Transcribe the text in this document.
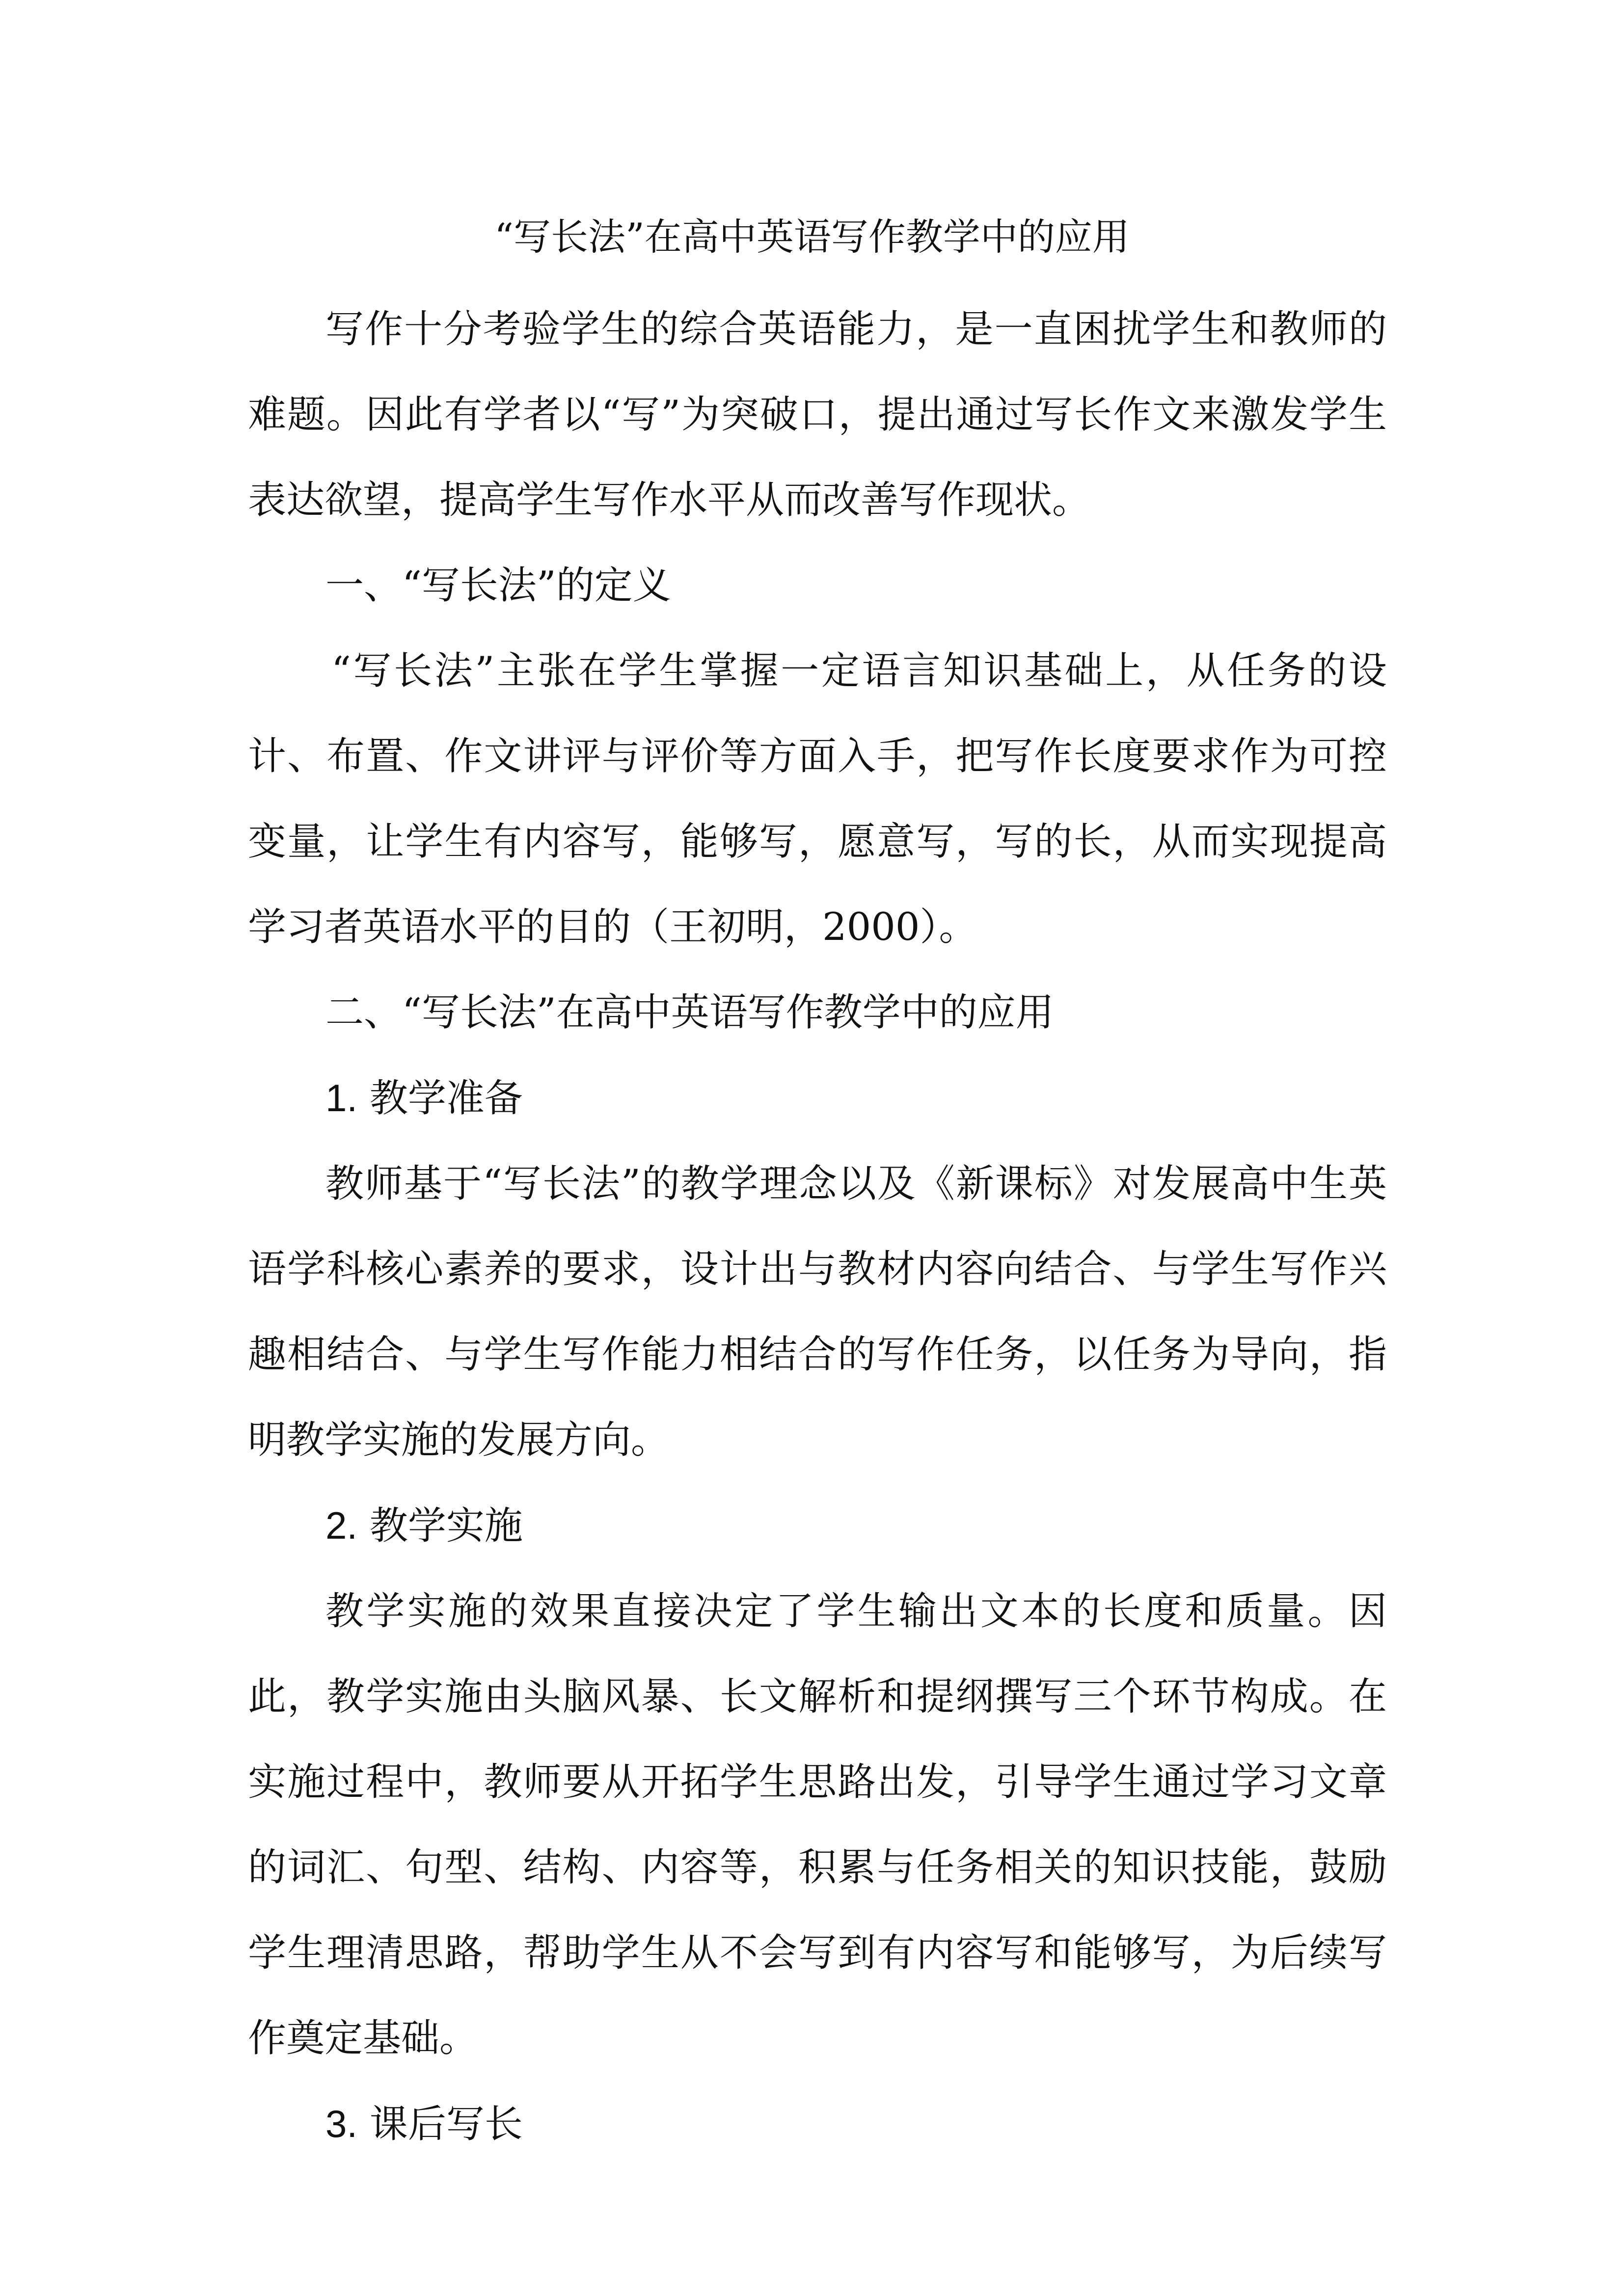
“写长法”在高中英语写作教学中的应用

写作十分考验学生的综合英语能力，是一直困扰学生和教师的难题。因此有学者以“写”为突破口，提出通过写长作文来激发学生表达欲望，提高学生写作水平从而改善写作现状。

一、“写长法”的定义

“写长法”主张在学生掌握一定语言知识基础上，从任务的设计、布置、作文讲评与评价等方面入手，把写作长度要求作为可控变量，让学生有内容写，能够写，愿意写，写的长，从而实现提高学习者英语水平的目的（王初明，2000）。

二、“写长法”在高中英语写作教学中的应用

1. 教学准备

教师基于“写长法”的教学理念以及《新课标》对发展高中生英语学科核心素养的要求，设计出与教材内容向结合、与学生写作兴趣相结合、与学生写作能力相结合的写作任务，以任务为导向，指明教学实施的发展方向。

2. 教学实施

教学实施的效果直接决定了学生输出文本的长度和质量。因此，教学实施由头脑风暴、长文解析和提纲撰写三个环节构成。在实施过程中，教师要从开拓学生思路出发，引导学生通过学习文章的词汇、句型、结构、内容等，积累与任务相关的知识技能，鼓励学生理清思路，帮助学生从不会写到有内容写和能够写，为后续写作奠定基础。

3. 课后写长
